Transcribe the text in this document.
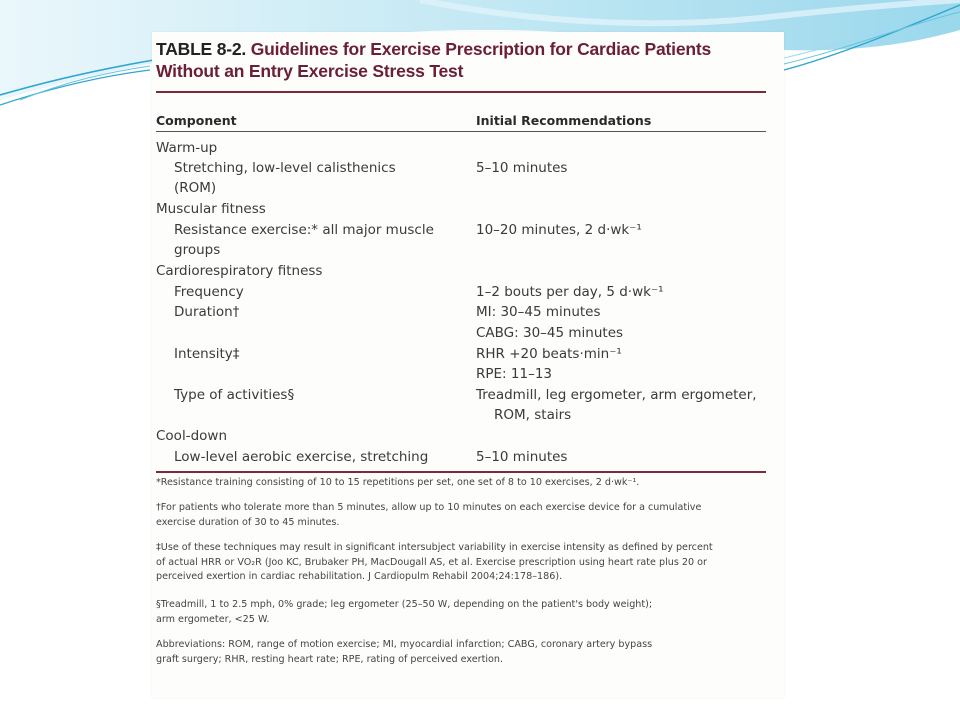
TABLE 8-2. Guidelines for Exercise Prescription for Cardiac Patients Without an Entry Exercise Stress Test
Component	Initial Recommendations
Warm-up
Stretching, low-level calisthenics
(ROM)
Muscular fitness
Resistance exercise:* all major muscle
groups
Cardiorespiratory fitness
Frequency
Duration†
Intensity‡
Type of activities§
Cool-down
Low-level aerobic exercise, stretching
5–10 minutes
10–20 minutes, 2 d·wk⁻¹
1–2 bouts per day, 5 d·wk⁻¹
MI: 30–45 minutes
CABG: 30–45 minutes
RHR +20 beats·min⁻¹
RPE: 11–13
Treadmill, leg ergometer, arm ergometer,
ROM, stairs
5–10 minutes
*Resistance training consisting of 10 to 15 repetitions per set, one set of 8 to 10 exercises, 2 d·wk⁻¹.
†For patients who tolerate more than 5 minutes, allow up to 10 minutes on each exercise device for a cumulative
exercise duration of 30 to 45 minutes.
‡Use of these techniques may result in significant intersubject variability in exercise intensity as defined by percent
of actual HRR or VO₂R (Joo KC, Brubaker PH, MacDougall AS, et al. Exercise prescription using heart rate plus 20 or
perceived exertion in cardiac rehabilitation. J Cardiopulm Rehabil 2004;24:178–186).
§Treadmill, 1 to 2.5 mph, 0% grade; leg ergometer (25–50 W, depending on the patient's body weight);
arm ergometer, <25 W.
Abbreviations: ROM, range of motion exercise; MI, myocardial infarction; CABG, coronary artery bypass
graft surgery; RHR, resting heart rate; RPE, rating of perceived exertion.
